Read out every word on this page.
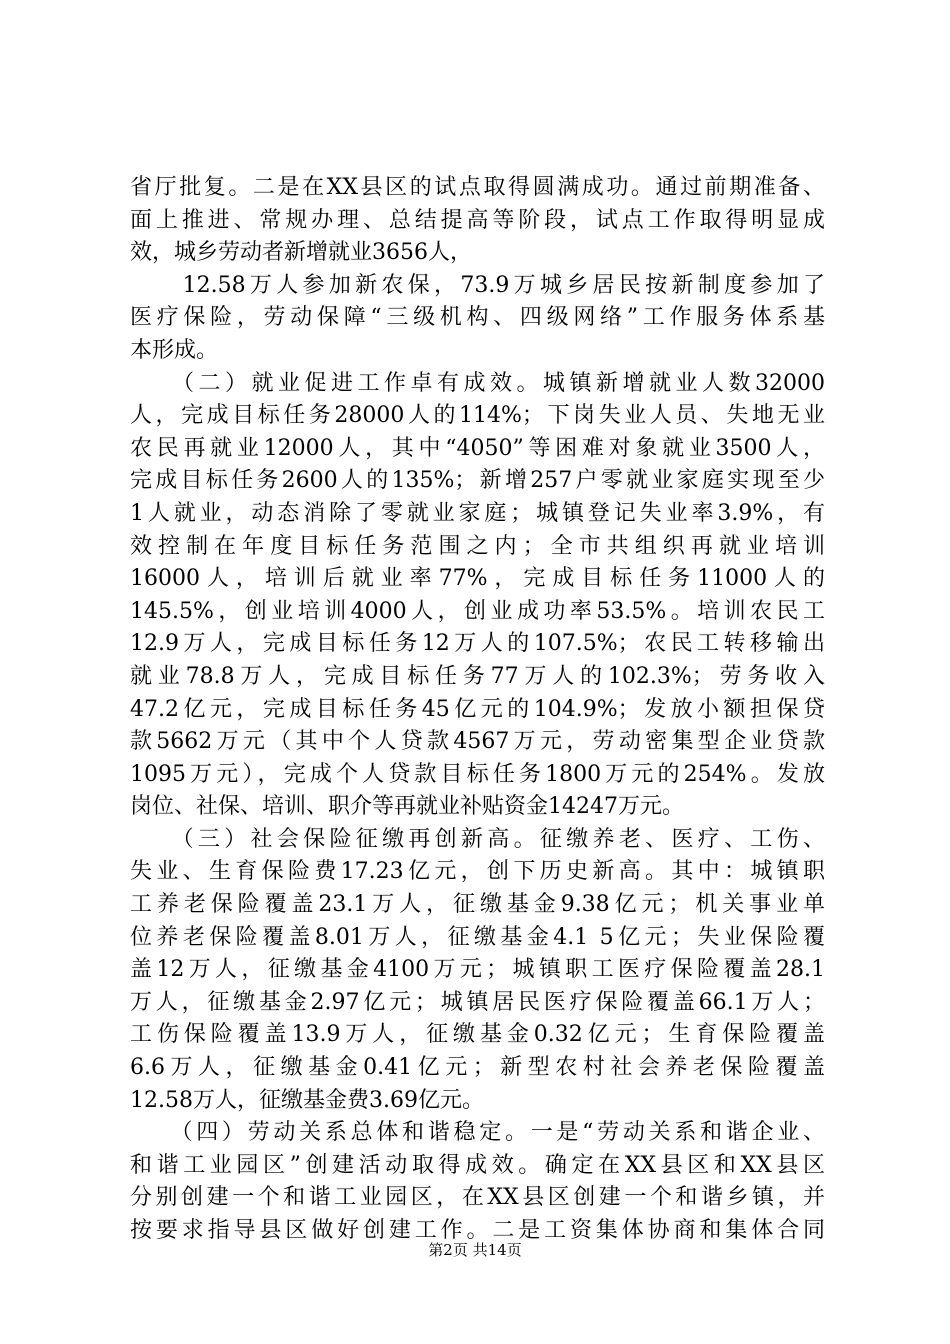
省厅批复。二是在XX县区的试点取得圆满成功。通过前期准备、
面上推进、常规办理、总结提高等阶段，试点工作取得明显成
效，城乡劳动者新增就业3656人，
　　12.58万人参加新农保，73.9万城乡居民按新制度参加了
医疗保险，劳动保障“三级机构、四级网络”工作服务体系基
本形成。
　　（二）就业促进工作卓有成效。城镇新增就业人数32000
人，完成目标任务28000人的114%；下岗失业人员、失地无业
农民再就业12000人，其中“4050”等困难对象就业3500人，
完成目标任务2600人的135%；新增257户零就业家庭实现至少
1人就业，动态消除了零就业家庭；城镇登记失业率3.9%，有
效控制在年度目标任务范围之内；全市共组织再就业培训
16000人，培训后就业率77%，完成目标任务11000人的
145.5%，创业培训4000人，创业成功率53.5%。培训农民工
12.9万人，完成目标任务12万人的107.5%；农民工转移输出
就业78.8万人，完成目标任务77万人的102.3%；劳务收入
47.2亿元，完成目标任务45亿元的104.9%；发放小额担保贷
款5662万元（其中个人贷款4567万元，劳动密集型企业贷款
1095万元），完成个人贷款目标任务1800万元的254%。发放
岗位、社保、培训、职介等再就业补贴资金14247万元。
　　（三）社会保险征缴再创新高。征缴养老、医疗、工伤、
失业、生育保险费17.23亿元，创下历史新高。其中：城镇职
工养老保险覆盖23.1万人，征缴基金9.38亿元；机关事业单
位养老保险覆盖8.01万人，征缴基金4.1 5亿元；失业保险覆
盖12万人，征缴基金4100万元；城镇职工医疗保险覆盖28.1
万人，征缴基金2.97亿元；城镇居民医疗保险覆盖66.1万人；
工伤保险覆盖13.9万人，征缴基金0.32亿元；生育保险覆盖
6.6万人，征缴基金0.41亿元；新型农村社会养老保险覆盖
12.58万人，征缴基金费3.69亿元。
　　（四）劳动关系总体和谐稳定。一是“劳动关系和谐企业、
和谐工业园区”创建活动取得成效。确定在XX县区和XX县区
分别创建一个和谐工业园区，在XX县区创建一个和谐乡镇，并
按要求指导县区做好创建工作。二是工资集体协商和集体合同
第2页 共14页
